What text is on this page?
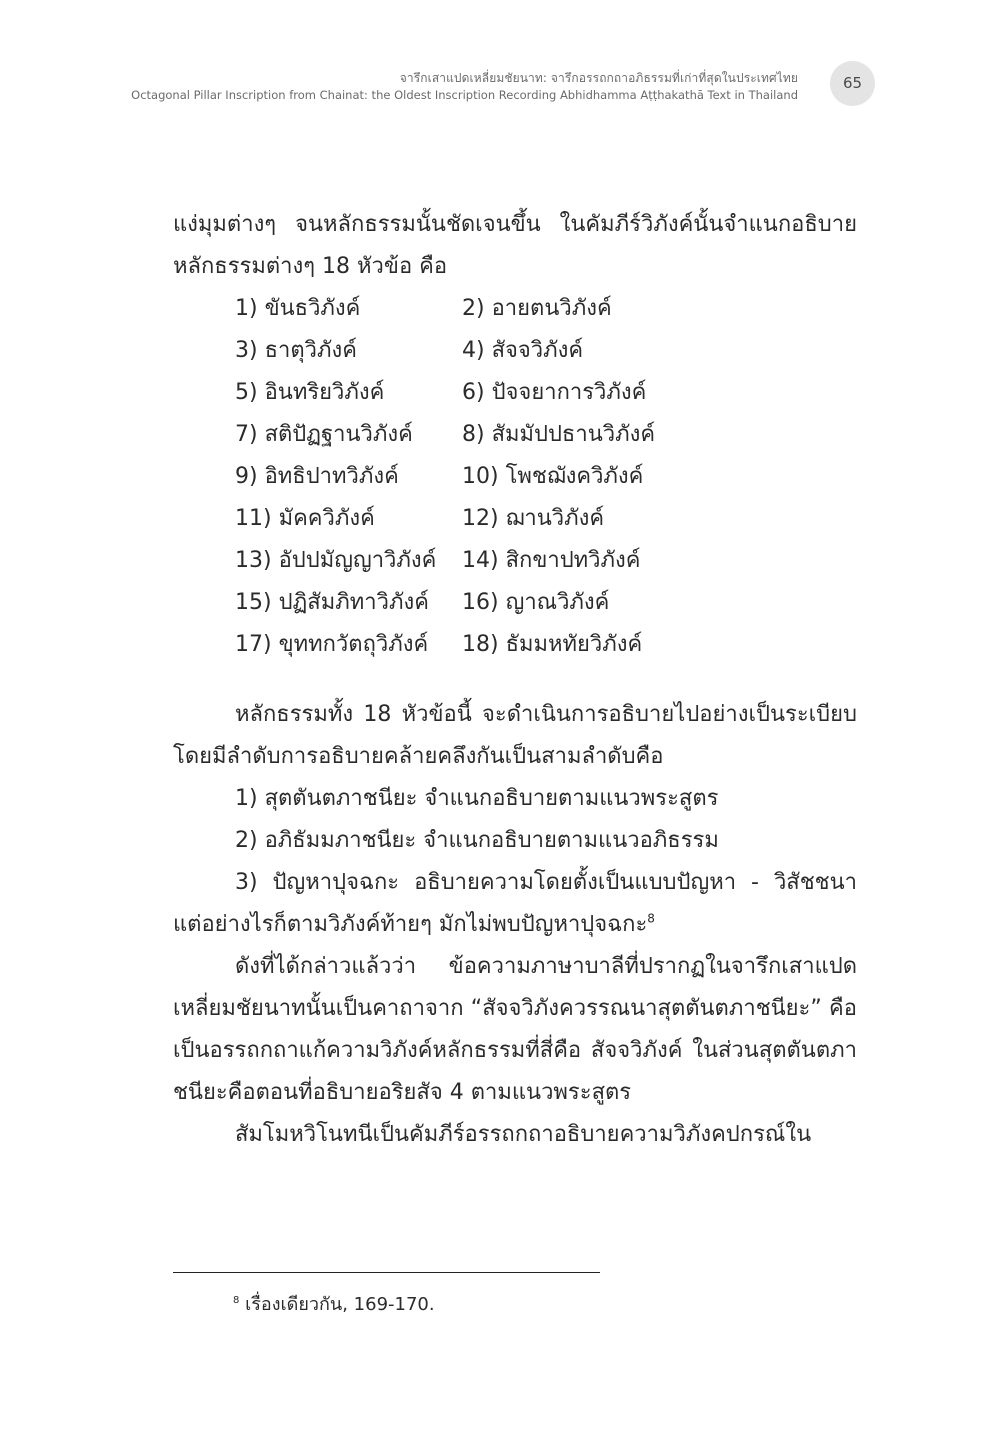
จารึกเสาแปดเหลี่ยมชัยนาท: จารึกอรรถกถาอภิธรรมที่เก่าที่สุดในประเทศไทย
Octagonal Pillar Inscription from Chainat: the Oldest Inscription Recording Abhidhamma Aṭṭhakathā Text in Thailand
65

แง่มุมต่างๆ จนหลักธรรมนั้นชัดเจนขึ้น ในคัมภีร์วิภังค์นั้นจำแนกอธิบายหลักธรรมต่างๆ 18 หัวข้อ คือ

1) ขันธวิภังค์	2) อายตนวิภังค์
3) ธาตุวิภังค์	4) สัจจวิภังค์
5) อินทริยวิภังค์	6) ปัจจยาการวิภังค์
7) สติปัฏฐานวิภังค์	8) สัมมัปปธานวิภังค์
9) อิทธิปาทวิภังค์	10) โพชฌังควิภังค์
11) มัคควิภังค์	12) ฌานวิภังค์
13) อัปปมัญญาวิภังค์	14) สิกขาปทวิภังค์
15) ปฏิสัมภิทาวิภังค์	16) ญาณวิภังค์
17) ขุททกวัตถุวิภังค์	18) ธัมมหทัยวิภังค์

หลักธรรมทั้ง 18 หัวข้อนี้ จะดำเนินการอธิบายไปอย่างเป็นระเบียบ โดยมีลำดับการอธิบายคล้ายคลึงกันเป็นสามลำดับคือ

1) สุตตันตภาชนียะ จำแนกอธิบายตามแนวพระสูตร

2) อภิธัมมภาชนียะ จำแนกอธิบายตามแนวอภิธรรม

3) ปัญหาปุจฉกะ อธิบายความโดยตั้งเป็นแบบปัญหา - วิสัชชนา แต่อย่างไรก็ตามวิภังค์ท้ายๆ มักไม่พบปัญหาปุจฉกะ$^8$

ดังที่ได้กล่าวแล้วว่า ข้อความภาษาบาลีที่ปรากฏในจารึกเสาแปดเหลี่ยมชัยนาทนั้นเป็นคาถาจาก “สัจจวิภังควรรณนาสุตตันตภาชนียะ” คือ เป็นอรรถกถาแก้ความวิภังค์หลักธรรมที่สี่คือ สัจจวิภังค์ ในส่วนสุตตันตภาชนียะคือตอนที่อธิบายอริยสัจ 4 ตามแนวพระสูตร

สัมโมหวิโนทนีเป็นคัมภีร์อรรถกถาอธิบายความวิภังคปกรณ์ใน

$^8$ เรื่องเดียวกัน, 169-170.
